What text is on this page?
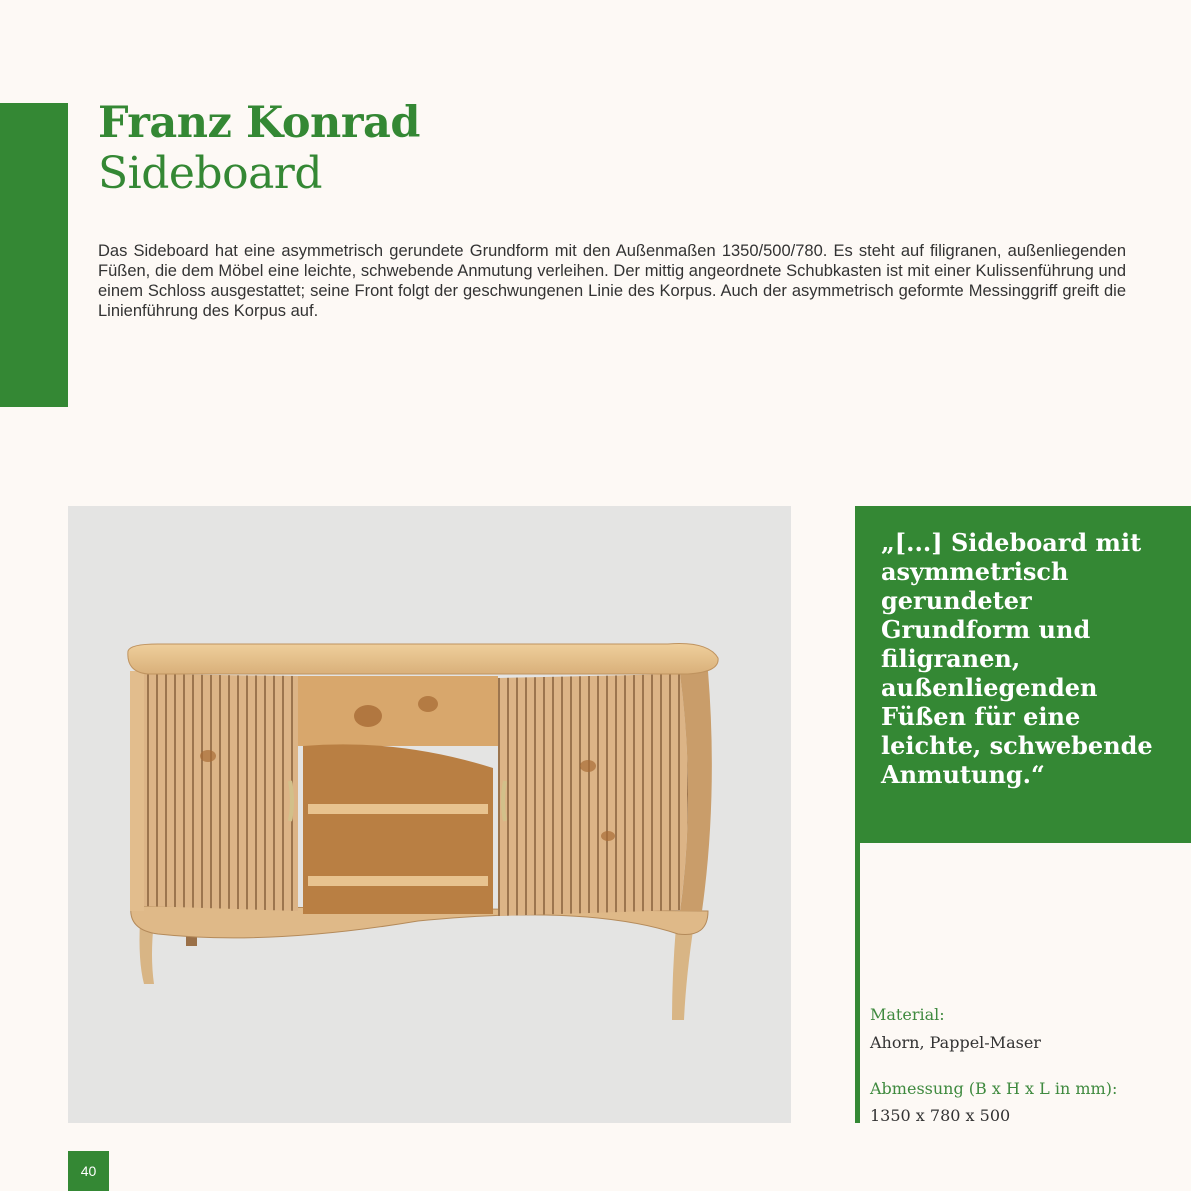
Franz Konrad
Sideboard

Das Sideboard hat eine asymmetrisch gerundete Grundform mit den Außenmaßen 1350/500/780. Es steht auf filigranen, außenliegenden Füßen, die dem Möbel eine leichte, schwebende Anmutung verleihen. Der mittig angeordnete Schubkasten ist mit einer Kulissenführung und einem Schloss ausgestattet; seine Front folgt der geschwungenen Linie des Korpus. Auch der asymmetrisch geformte Messinggriff greift die Linienführung des Korpus auf.

„[...] Sideboard mit asymmetrisch gerundeter Grundform und filigranen, außenliegenden Füßen für eine leichte, schwebende Anmutung.“

Material:

Ahorn, Pappel-Maser

Abmessung (B x H x L in mm):

1350 x 780 x 500

40
